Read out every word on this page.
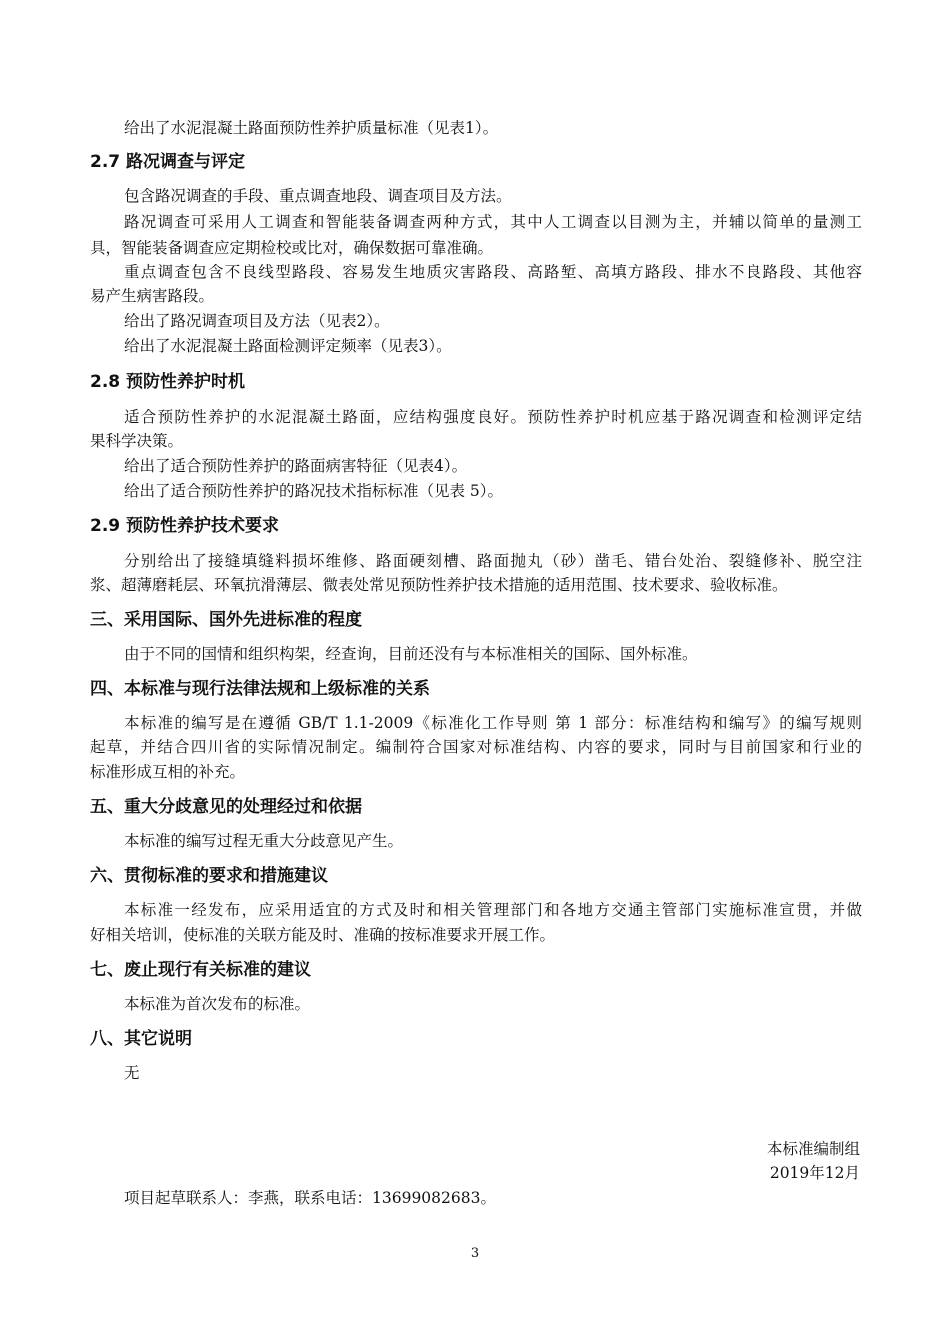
给出了水泥混凝土路面预防性养护质量标准（见表1）。
2.7 路况调查与评定
包含路况调查的手段、重点调查地段、调查项目及方法。
路况调查可采用人工调查和智能装备调查两种方式，其中人工调查以目测为主，并辅以简单的量测工
具，智能装备调查应定期检校或比对，确保数据可靠准确。
重点调查包含不良线型路段、容易发生地质灾害路段、高路堑、高填方路段、排水不良路段、其他容
易产生病害路段。
给出了路况调查项目及方法（见表2）。
给出了水泥混凝土路面检测评定频率（见表3）。
2.8 预防性养护时机
适合预防性养护的水泥混凝土路面，应结构强度良好。预防性养护时机应基于路况调查和检测评定结
果科学决策。
给出了适合预防性养护的路面病害特征（见表4）。
给出了适合预防性养护的路况技术指标标准（见表 5）。
2.9 预防性养护技术要求
分别给出了接缝填缝料损坏维修、路面硬刻槽、路面抛丸（砂）凿毛、错台处治、裂缝修补、脱空注
浆、超薄磨耗层、环氧抗滑薄层、微表处常见预防性养护技术措施的适用范围、技术要求、验收标准。
三、采用国际、国外先进标准的程度
由于不同的国情和组织构架，经查询，目前还没有与本标准相关的国际、国外标准。
四、本标准与现行法律法规和上级标准的关系
本标准的编写是在遵循 GB/T 1.1-2009《标准化工作导则 第 1 部分：标准结构和编写》的编写规则
起草，并结合四川省的实际情况制定。编制符合国家对标准结构、内容的要求，同时与目前国家和行业的
标准形成互相的补充。
五、重大分歧意见的处理经过和依据
本标准的编写过程无重大分歧意见产生。
六、贯彻标准的要求和措施建议
本标准一经发布，应采用适宜的方式及时和相关管理部门和各地方交通主管部门实施标准宣贯，并做
好相关培训，使标准的关联方能及时、准确的按标准要求开展工作。
七、废止现行有关标准的建议
本标准为首次发布的标准。
八、其它说明
无
本标准编制组
2019年12月
项目起草联系人：李燕，联系电话：13699082683。
3
